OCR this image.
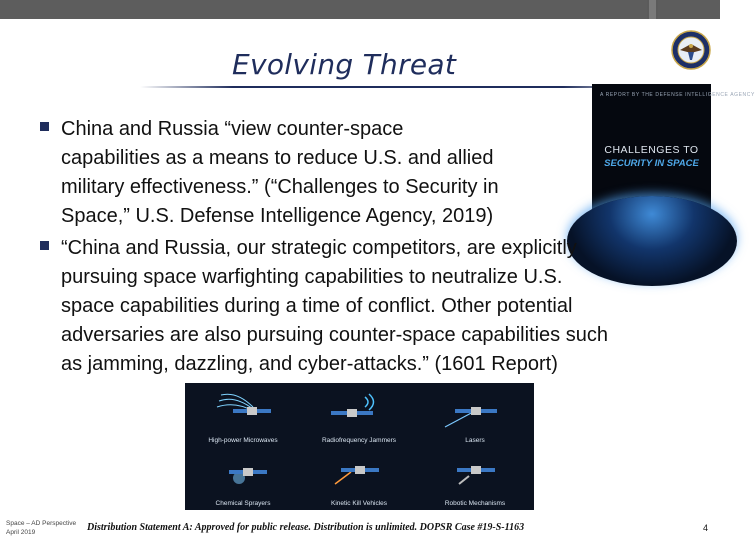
Evolving Threat
A REPORT BY THE DEFENSE INTELLIGENCE AGENCY
CHALLENGES TO
SECURITY IN SPACE
China and Russia “view counter-space
capabilities as a means to reduce U.S. and allied
military effectiveness.” (“Challenges to Security in
Space,” U.S. Defense Intelligence Agency, 2019)
“China and Russia, our strategic competitors, are explicitly
pursuing space warfighting capabilities to neutralize U.S.
space capabilities during a time of conflict. Other potential
adversaries are also pursuing counter-space capabilities such
as jamming, dazzling, and cyber-attacks.” (1601 Report)
High-power Microwaves	Radiofrequency Jammers	Lasers
Chemical Sprayers	Kinetic Kill Vehicles	Robotic Mechanisms
Space – AD Perspective
April 2019	Distribution Statement A: Approved for public release. Distribution is unlimited. DOPSR Case #19-S-1163	4
